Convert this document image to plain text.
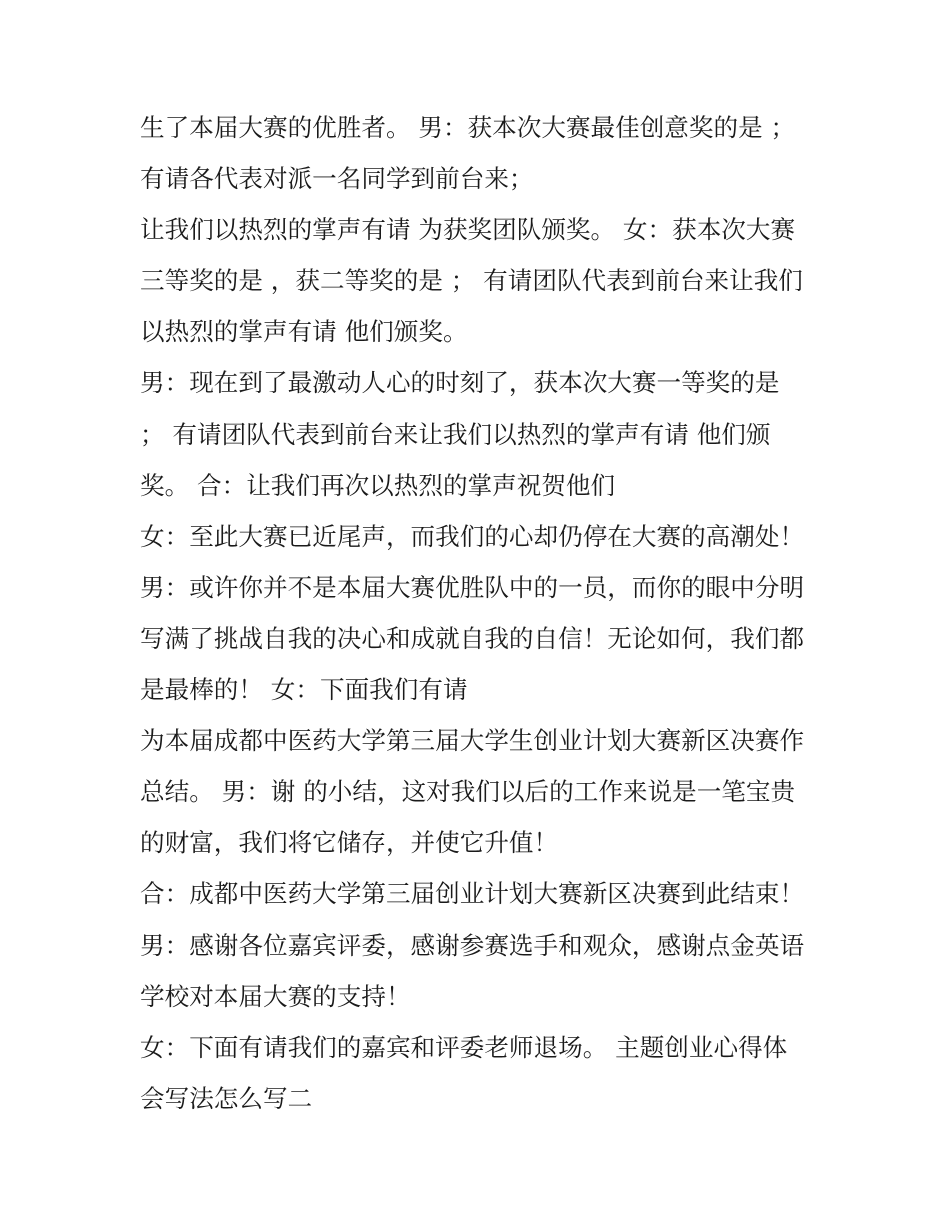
生了本届大赛的优胜者。 男：获本次大赛最佳创意奖的是 ；
有请各代表对派一名同学到前台来；
让我们以热烈的掌声有请 为获奖团队颁奖。 女：获本次大赛
三等奖的是 ，获二等奖的是 ； 有请团队代表到前台来让我们
以热烈的掌声有请 他们颁奖。
男：现在到了最激动人心的时刻了，获本次大赛一等奖的是
； 有请团队代表到前台来让我们以热烈的掌声有请 他们颁
奖。 合：让我们再次以热烈的掌声祝贺他们
女：至此大赛已近尾声，而我们的心却仍停在大赛的高潮处！
男：或许你并不是本届大赛优胜队中的一员，而你的眼中分明
写满了挑战自我的决心和成就自我的自信！无论如何，我们都
是最棒的！ 女：下面我们有请
为本届成都中医药大学第三届大学生创业计划大赛新区决赛作
总结。 男：谢 的小结，这对我们以后的工作来说是一笔宝贵
的财富，我们将它储存，并使它升值！
合：成都中医药大学第三届创业计划大赛新区决赛到此结束！
男：感谢各位嘉宾评委，感谢参赛选手和观众，感谢点金英语
学校对本届大赛的支持！
女：下面有请我们的嘉宾和评委老师退场。 主题创业心得体
会写法怎么写二
